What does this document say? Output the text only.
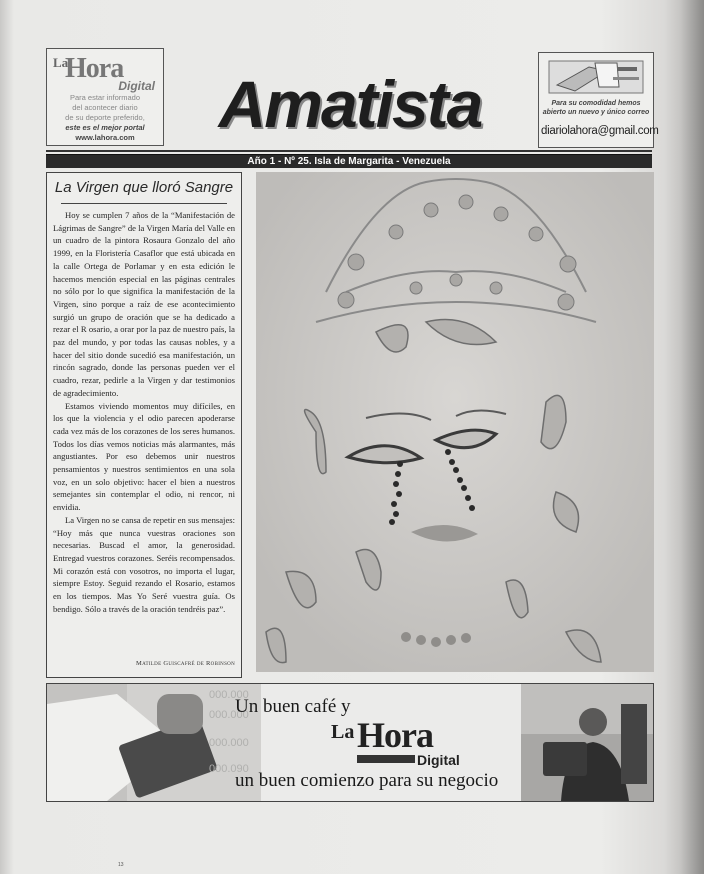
La
Hora
Digital
Para estar informado
del acontecer diario
de su deporte preferido,
este es el mejor portal
www.lahora.com	Amatista	Para su comodidad hemos
abierto un nuevo y único correo
diariolahora@gmail.com
Año 1 - Nº 25. Isla de Margarita - Venezuela
La Virgen que lloró Sangre

Hoy se cumplen 7 años de la “Manifestación de Lágrimas de Sangre” de la Virgen María del Valle en un cuadro de la pintora Rosaura Gonzalo del año 1999, en la Floristería Casaflor que está ubicada en la calle Ortega de Porlamar y en esta edición le hacemos mención especial en las páginas centrales no sólo por lo que significa la manifestación de la Virgen, sino porque a raíz de ese acontecimiento surgió un grupo de oración que se ha dedicado a rezar el R osario, a orar por la paz de nuestro país, la paz del mundo, y por todas las causas nobles, y a hacer del sitio donde sucedió esa manifestación, un rincón sagrado, donde las personas pueden ver el cuadro, rezar, pedirle a la Virgen y dar testimonios de agradecimiento.

Estamos viviendo momentos muy difíciles, en los que la violencia y el odio parecen apoderarse cada vez más de los corazones de los seres humanos. Todos los días vemos noticias más alarmantes, más angustiantes. Por eso debemos unir nuestros pensamientos y nuestros sentimientos en una sola voz, en un solo objetivo: hacer el bien a nuestros semejantes sin contemplar el odio, ni rencor, ni envidia.

La Virgen no se cansa de repetir en sus mensajes: “Hoy más que nunca vuestras oraciones son necesarias. Buscad el amor, la generosidad. Entregad vuestros corazones. Seréis recompensados. Mi corazón está con vosotros, no importa el lugar, siempre Estoy. Seguid rezando el Rosario, estamos en los tiempos. Mas Yo Seré vuestra guía. Os bendigo. Sólo a través de la oración tendréis paz”.

Matilde Guiscafré de Robinson
000.000
000.000
000.000
000.090
Un buen café y
La Hora
Digital
un buen comienzo para su negocio
13
